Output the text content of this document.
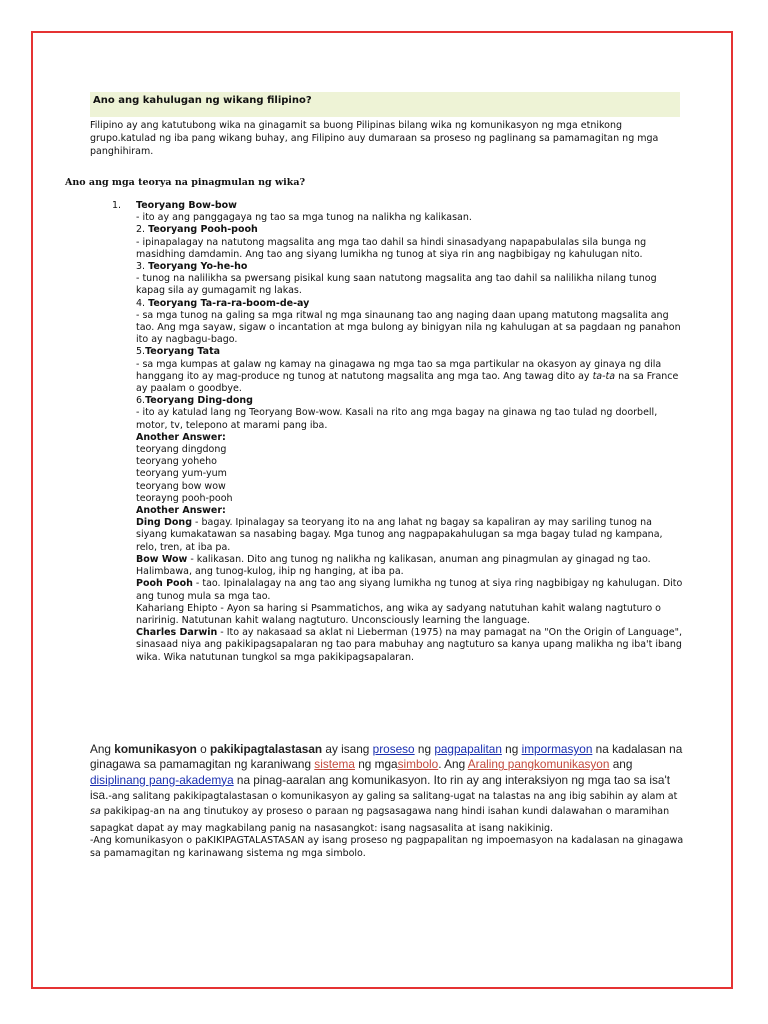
Ano ang kahulugan ng wikang filipino?
Filipino ay ang katutubong wika na ginagamit sa buong Pilipinas bilang wika ng komunikasyon ng mga etnikong grupo.katulad ng iba pang wikang buhay, ang Filipino auy dumaraan sa proseso ng paglinang sa pamamagitan ng mga panghihiram.
Ano ang mga teorya na pinagmulan ng wika?
1. Teoryang Bow-bow
- ito ay ang panggagaya ng tao sa mga tunog na nalikha ng kalikasan.
2. Teoryang Pooh-pooh
- ipinapalagay na natutong magsalita ang mga tao dahil sa hindi sinasadyang napapabulalas sila bunga ng masidhing damdamin. Ang tao ang siyang lumikha ng tunog at siya rin ang nagbibigay ng kahulugan nito.
3. Teoryang Yo-he-ho
- tunog na nalilikha sa pwersang pisikal kung saan natutong magsalita ang tao dahil sa nalilikha nilang tunog kapag sila ay gumagamit ng lakas.
4. Teoryang Ta-ra-ra-boom-de-ay
- sa mga tunog na galing sa mga ritwal ng mga sinaunang tao ang naging daan upang matutong magsalita ang tao. Ang mga sayaw, sigaw o incantation at mga bulong ay binigyan nila ng kahulugan at sa pagdaan ng panahon ito ay nagbagu-bago.
5.Teoryang Tata
- sa mga kumpas at galaw ng kamay na ginagawa ng mga tao sa mga partikular na okasyon ay ginaya ng dila hanggang ito ay mag-produce ng tunog at natutong magsalita ang mga tao. Ang tawag dito ay ta-ta na sa France ay paalam o goodbye.
6.Teoryang Ding-dong
- ito ay katulad lang ng Teoryang Bow-wow. Kasali na rito ang mga bagay na ginawa ng tao tulad ng doorbell, motor, tv, telepono at marami pang iba.
Another Answer:
teoryang dingdong
teoryang yoheho
teoryang yum-yum
teoryang bow wow
teorayng pooh-pooh
Another Answer:
Ding Dong - bagay. Ipinalagay sa teoryang ito na ang lahat ng bagay sa kapaliran ay may sariling tunog na siyang kumakatawan sa nasabing bagay. Mga tunog ang nagpapakahulugan sa mga bagay tulad ng kampana, relo, tren, at iba pa.
Bow Wow - kalikasan. Dito ang tunog ng nalikha ng kalikasan, anuman ang pinagmulan ay ginagad ng tao. Halimbawa, ang tunog-kulog, ihip ng hanging, at iba pa.
Pooh Pooh - tao. Ipinalalagay na ang tao ang siyang lumikha ng tunog at siya ring nagbibigay ng kahulugan. Dito ang tunog mula sa mga tao.
Kahariang Ehipto - Ayon sa haring si Psammatichos, ang wika ay sadyang natutuhan kahit walang nagtuturo o naririnig. Natutunan kahit walang nagtuturo. Unconsciously learning the language.
Charles Darwin - Ito ay nakasaad sa aklat ni Lieberman (1975) na may pamagat na "On the Origin of Language", sinasaad niya ang pakikipagsapalaran ng tao para mabuhay ang nagtuturo sa kanya upang malikha ng iba't ibang wika. Wika natutunan tungkol sa mga pakikipagsapalaran.
Ang komunikasyon o pakikipagtalastasan ay isang proseso ng pagpapalitan ng impormasyon na kadalasan na ginagawa sa pamamagitan ng karaniwang sistema ng mgasimbolo. Ang Araling pangkomunikasyon ang disiplinang pang-akademya na pinag-aaralan ang komunikasyon. Ito rin ay ang interaksiyon ng mga tao sa isa't isa.-ang salitang pakikipagtalastasan o komunikasyon ay galing sa salitang-ugat na talastas na ang ibig sabihin ay alam at sa pakikipag-an na ang tinutukoy ay proseso o paraan ng pagsasagawa nang hindi isahan kundi dalawahan o maramihan sapagkat dapat ay may magkabilang panig na nasasangkot: isang nagsasalita at isang nakikinig.
-Ang komunikasyon o paKIKIPAGTALASTASAN ay isang proseso ng pagpapalitan ng impoemasyon na kadalasan na ginagawa sa pamamagitan ng karinawang sistema ng mga simbolo.
